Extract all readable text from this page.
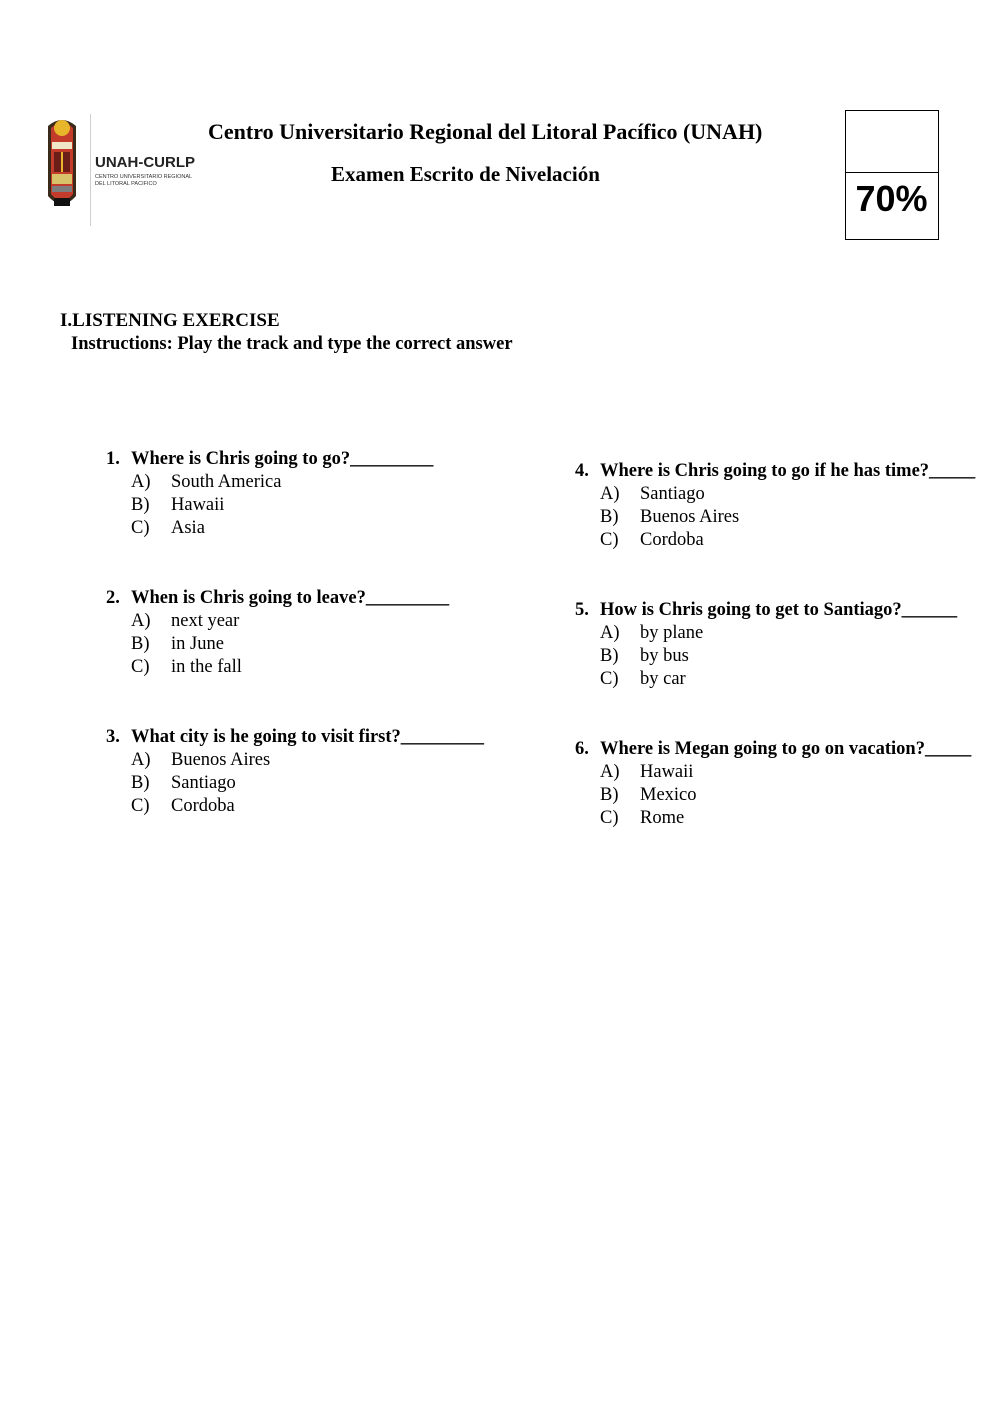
UNAH-CURLP
CENTRO UNIVERSITARIO REGIONAL
DEL LITORAL PACIFICO
Centro Universitario Regional del Litoral Pacífico (UNAH)
Examen Escrito de Nivelación
70%
I.LISTENING EXERCISE
Instructions: Play the track and type the correct answer
1. Where is Chris going to go?_________
A)	South America
B)	Hawaii
C)	Asia
2. When is Chris going to leave?_________
A)	next year
B)	in June
C)	in the fall
3. What city is he going to visit first?_________
A)	Buenos Aires
B)	Santiago
C)	Cordoba
4. Where is Chris going to go if he has time?_____
A)	Santiago
B)	Buenos Aires
C)	Cordoba
5. How is Chris going to get to Santiago?______
A)	by plane
B)	by bus
C)	by car
6. Where is Megan going to go on vacation?_____
A)	Hawaii
B)	Mexico
C)	Rome
